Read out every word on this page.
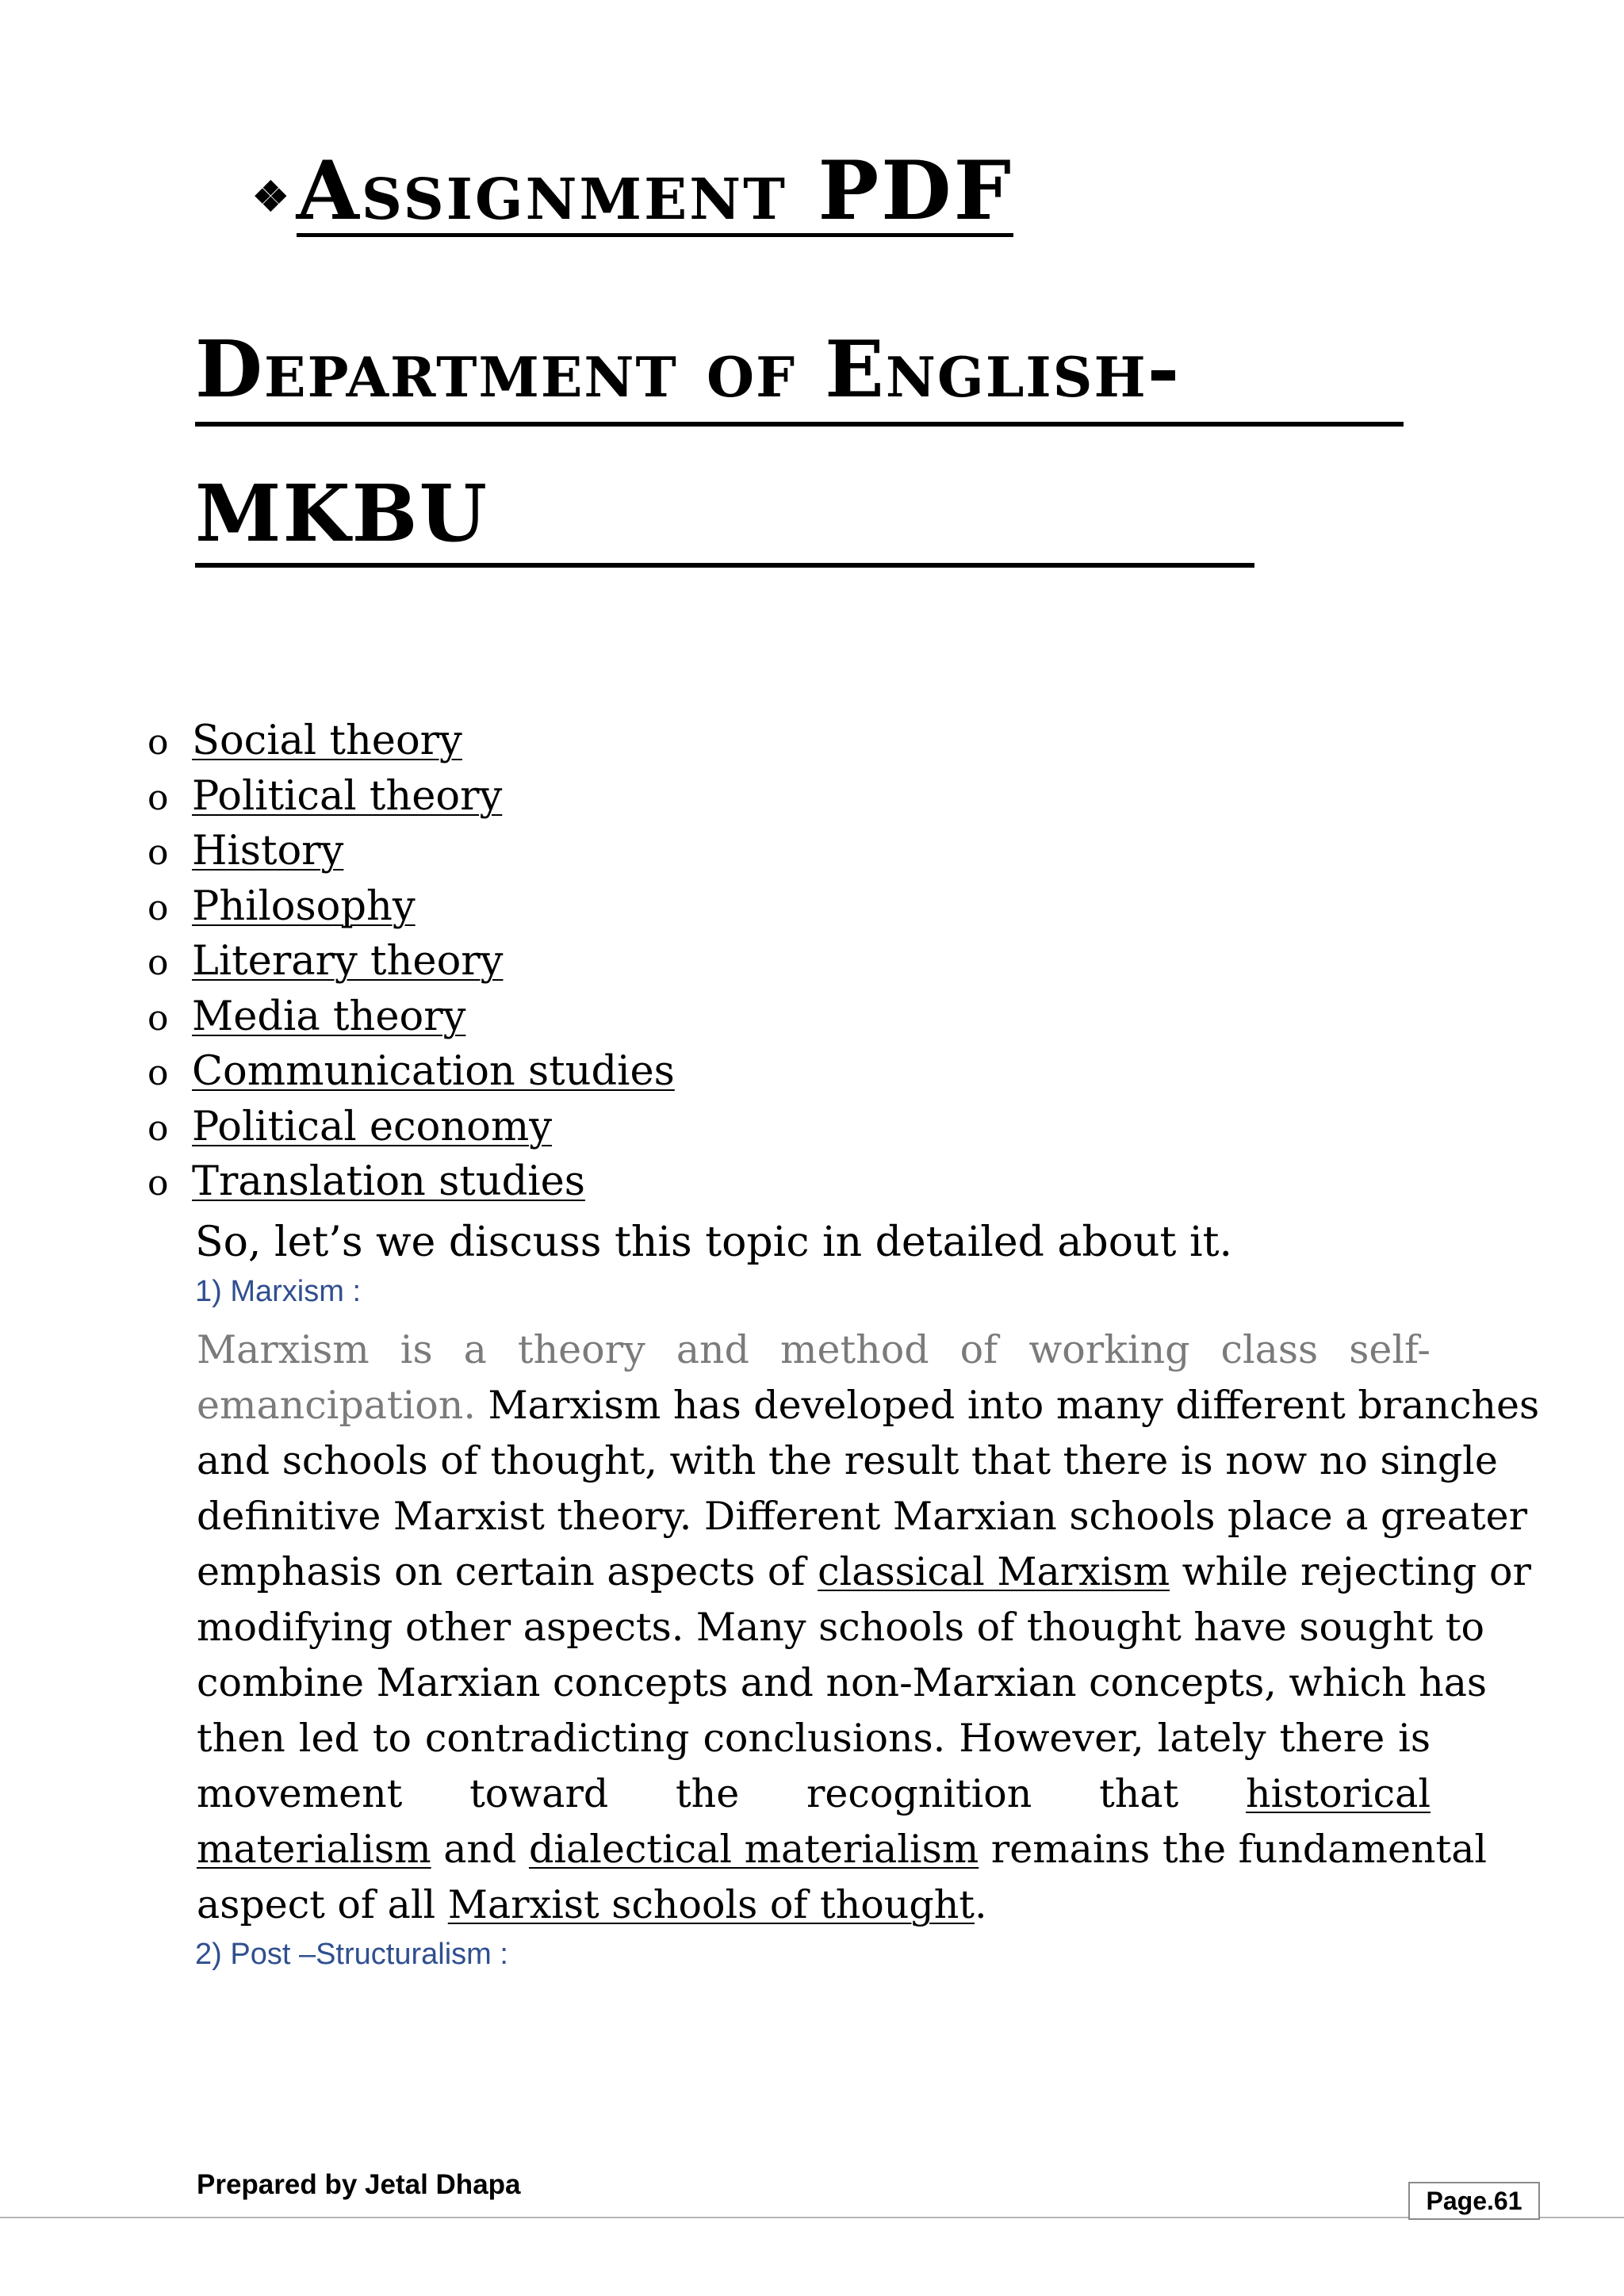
❖Assignment PDF
Department of English-
MKBU
o Social theory
o Political theory
o History
o Philosophy
o Literary theory
o Media theory
o Communication studies
o Political economy
o Translation studies
So, let’s we discuss this topic in detailed about it.
1) Marxism :
Marxism is a theory and method of working class self-
emancipation. Marxism has developed into many different branches
and schools of thought, with the result that there is now no single
definitive Marxist theory. Different Marxian schools place a greater
emphasis on certain aspects of classical Marxism while rejecting or
modifying other aspects. Many schools of thought have sought to
combine Marxian concepts and non-Marxian concepts, which has
then led to contradicting conclusions. However, lately there is
movement toward the recognition that historical
materialism and dialectical materialism remains the fundamental
aspect of all Marxist schools of thought.
2) Post –Structuralism :
Prepared by Jetal Dhapa
Page.61
